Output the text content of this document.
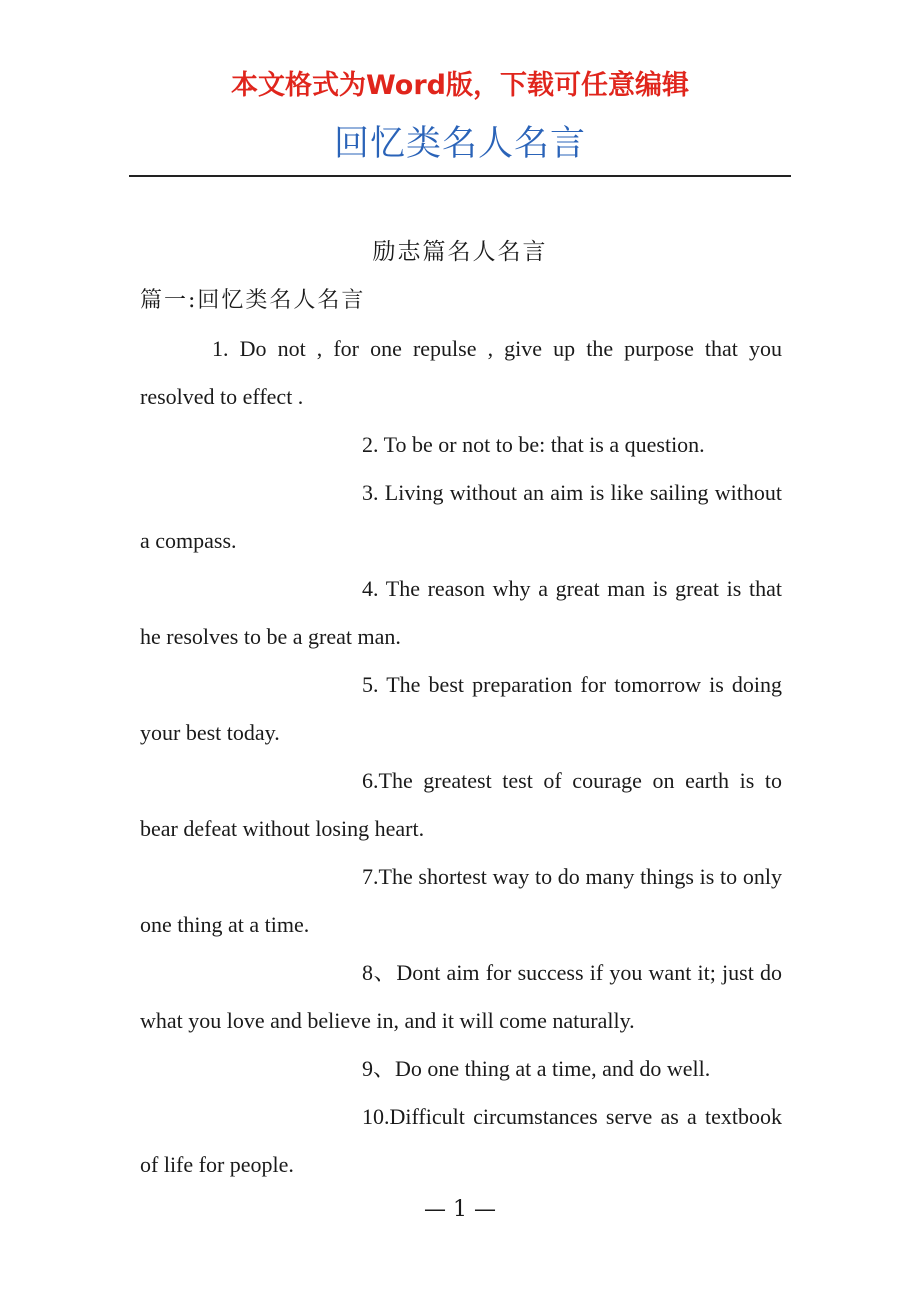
本文格式为Word版，下载可任意编辑
回忆类名人名言
励志篇名人名言
篇一:回忆类名人名言

1. Do not , for one repulse , give up the purpose that you resolved to effect .

2. To be or not to be: that is a question.

3. Living without an aim is like sailing without a compass.

4. The reason why a great man is great is that he resolves to be a great man.

5. The best preparation for tomorrow is doing your best today.

6.The greatest test of courage on earth is to bear defeat without losing heart.

7.The shortest way to do many things is to only one thing at a time.

8、Dont aim for success if you want it; just do what you love and believe in, and it will come naturally.

9、Do one thing at a time, and do well.

10.Difficult circumstances serve as a textbook of life for people.

— 1 —
